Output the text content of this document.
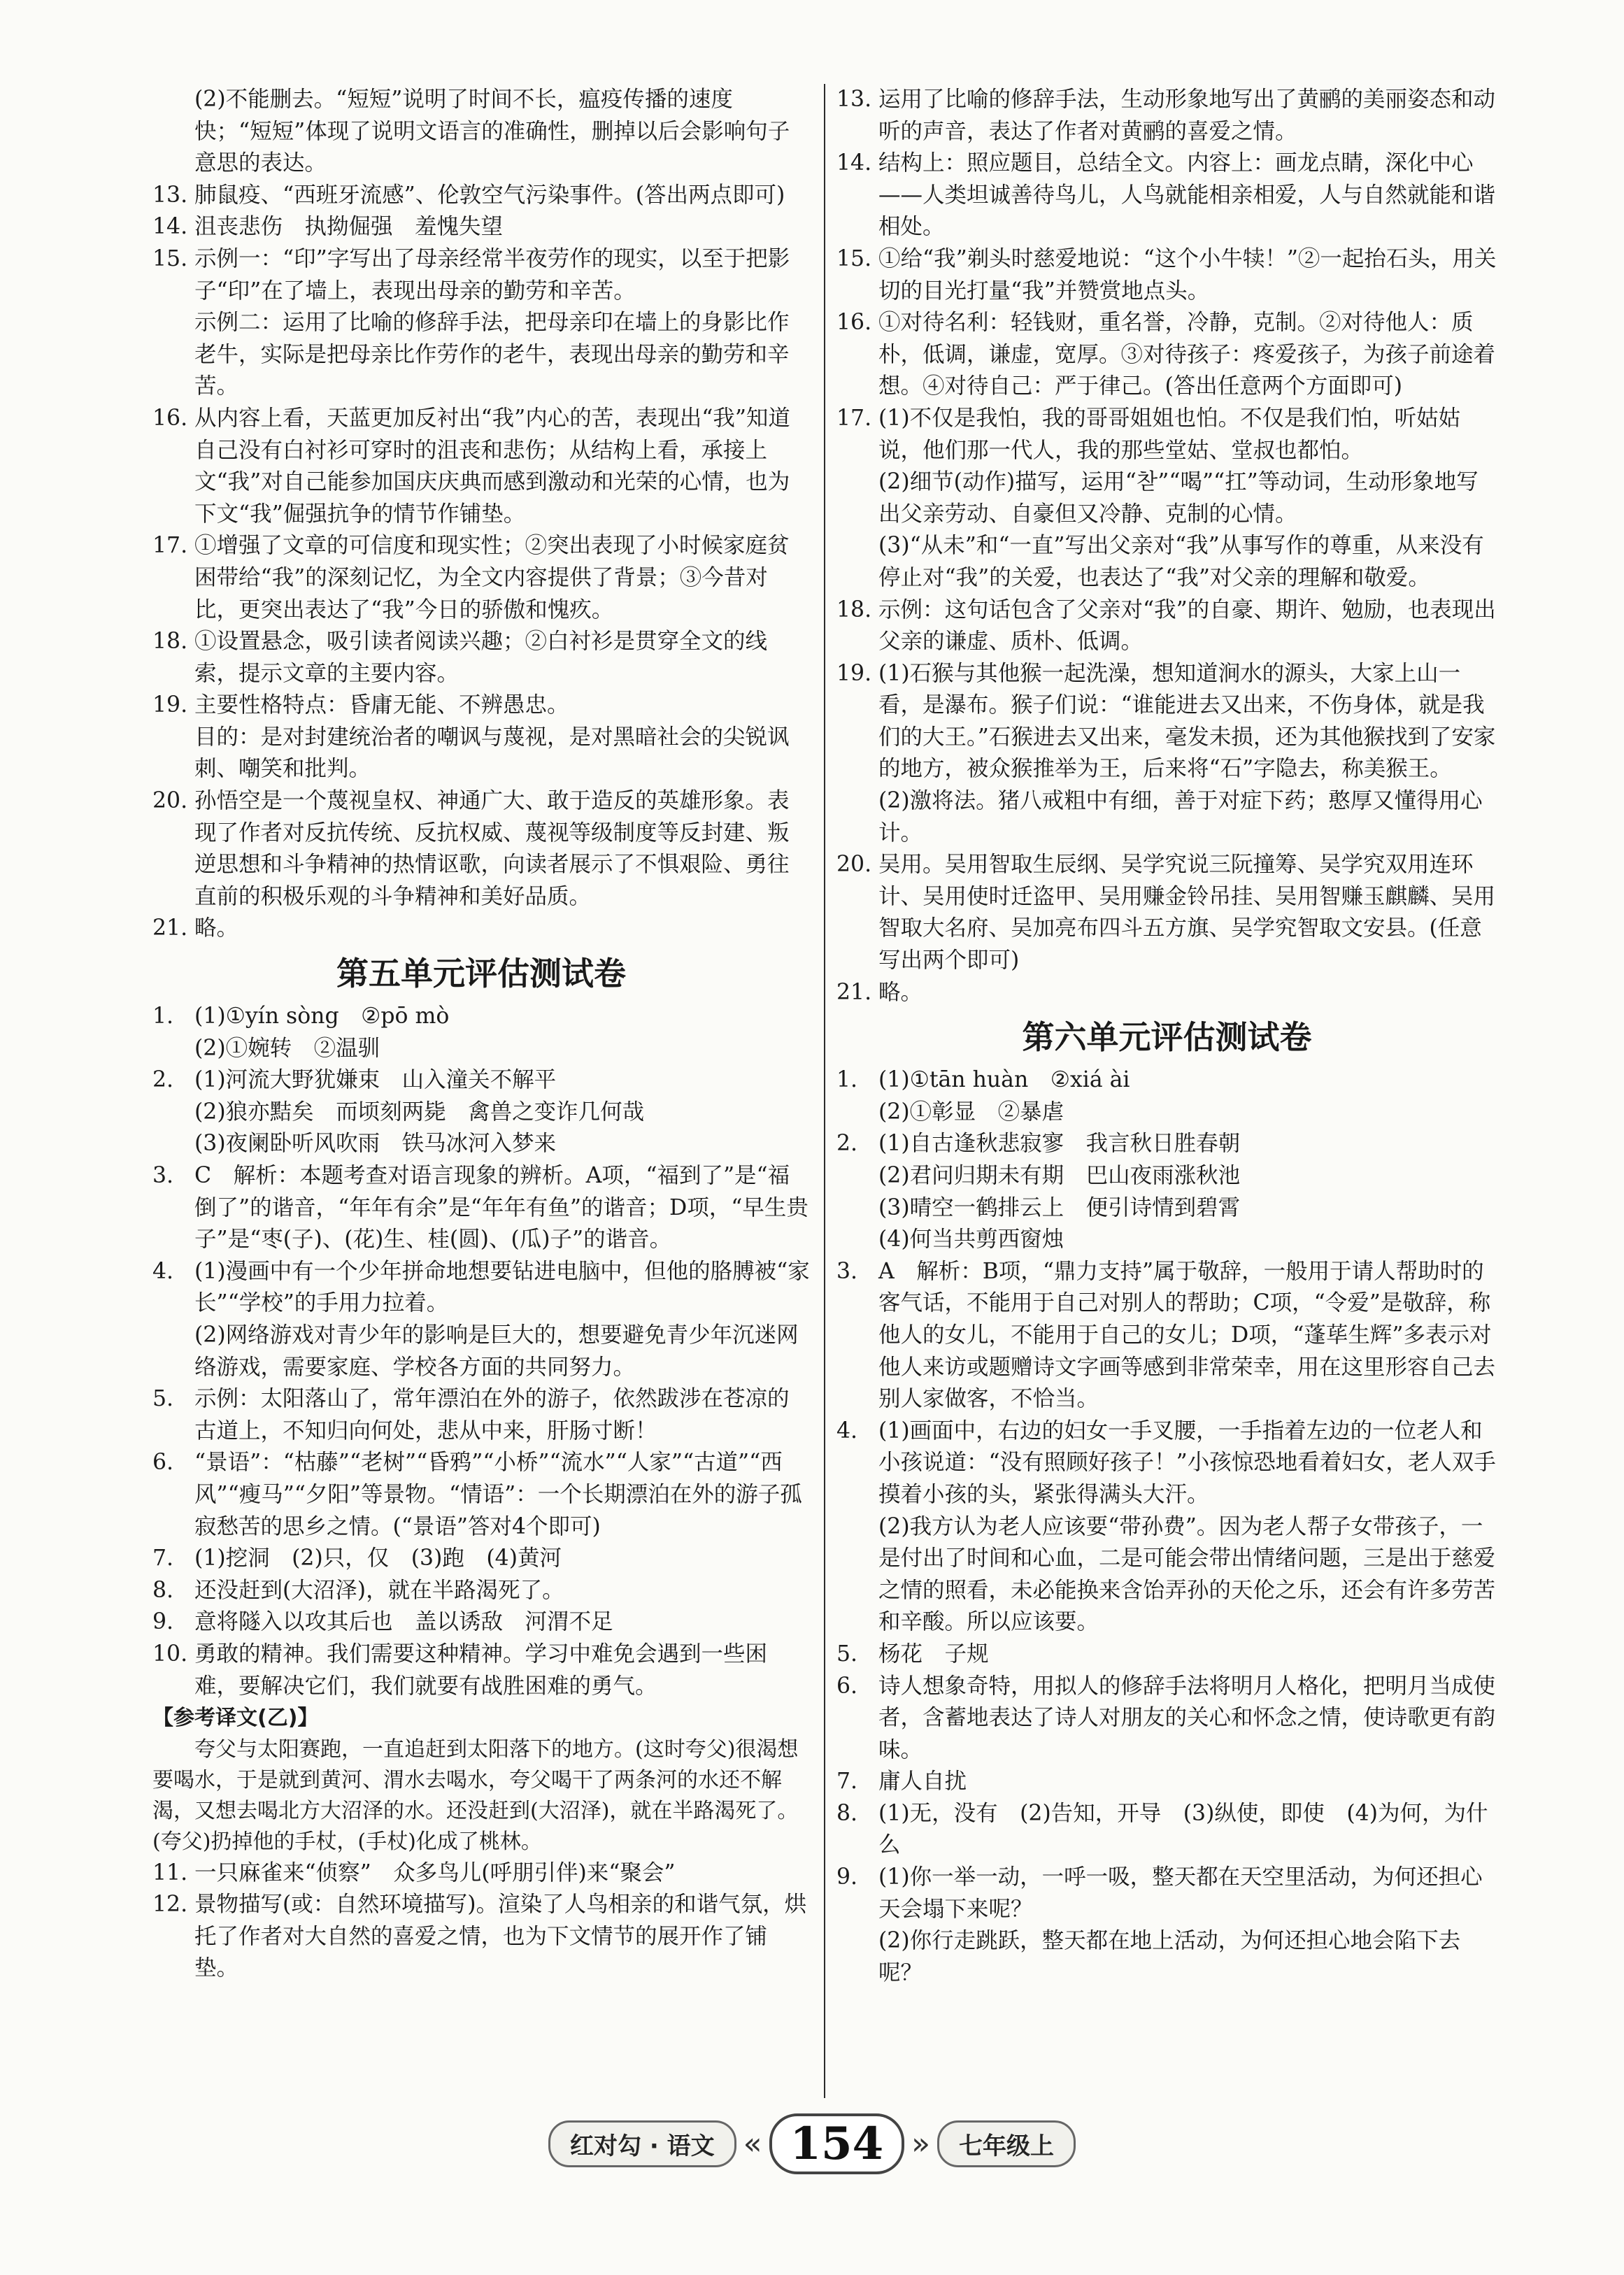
(2)不能删去。“短短”说明了时间不长，瘟疫传播的速度快；“短短”体现了说明文语言的准确性，删掉以后会影响句子意思的表达。
13. 肺鼠疫、“西班牙流感”、伦敦空气污染事件。(答出两点即可)
14. 沮丧悲伤　执拗倔强　羞愧失望
15. 示例一：“印”字写出了母亲经常半夜劳作的现实，以至于把影子“印”在了墙上，表现出母亲的勤劳和辛苦。
示例二：运用了比喻的修辞手法，把母亲印在墙上的身影比作老牛，实际是把母亲比作劳作的老牛，表现出母亲的勤劳和辛苦。
16. 从内容上看，天蓝更加反衬出“我”内心的苦，表现出“我”知道自己没有白衬衫可穿时的沮丧和悲伤；从结构上看，承接上文“我”对自己能参加国庆庆典而感到激动和光荣的心情，也为下文“我”倔强抗争的情节作铺垫。
17. ①增强了文章的可信度和现实性；②突出表现了小时候家庭贫困带给“我”的深刻记忆，为全文内容提供了背景；③今昔对比，更突出表达了“我”今日的骄傲和愧疚。
18. ①设置悬念，吸引读者阅读兴趣；②白衬衫是贯穿全文的线索，提示文章的主要内容。
19. 主要性格特点：昏庸无能、不辨愚忠。
目的：是对封建统治者的嘲讽与蔑视，是对黑暗社会的尖锐讽刺、嘲笑和批判。
20. 孙悟空是一个蔑视皇权、神通广大、敢于造反的英雄形象。表现了作者对反抗传统、反抗权威、蔑视等级制度等反封建、叛逆思想和斗争精神的热情讴歌，向读者展示了不惧艰险、勇往直前的积极乐观的斗争精神和美好品质。
21. 略。
第五单元评估测试卷
1. (1)①yín sòng　②pō mò
(2)①婉转　②温驯
2. (1)河流大野犹嫌束　山入潼关不解平
(2)狼亦黠矣　而顷刻两毙　禽兽之变诈几何哉
(3)夜阑卧听风吹雨　铁马冰河入梦来
3. C　解析：本题考查对语言现象的辨析。A项，“福到了”是“福倒了”的谐音，“年年有余”是“年年有鱼”的谐音；D项，“早生贵子”是“枣(子)、(花)生、桂(圆)、(瓜)子”的谐音。
4. (1)漫画中有一个少年拼命地想要钻进电脑中，但他的胳膊被“家长”“学校”的手用力拉着。
(2)网络游戏对青少年的影响是巨大的，想要避免青少年沉迷网络游戏，需要家庭、学校各方面的共同努力。
5. 示例：太阳落山了，常年漂泊在外的游子，依然跋涉在苍凉的古道上，不知归向何处，悲从中来，肝肠寸断！
6. “景语”：“枯藤”“老树”“昏鸦”“小桥”“流水”“人家”“古道”“西风”“瘦马”“夕阳”等景物。“情语”：一个长期漂泊在外的游子孤寂愁苦的思乡之情。(“景语”答对4个即可)
7. (1)挖洞　(2)只，仅　(3)跑　(4)黄河
8. 还没赶到(大沼泽)，就在半路渴死了。
9. 意将隧入以攻其后也　盖以诱敌　河渭不足
10. 勇敢的精神。我们需要这种精神。学习中难免会遇到一些困难，要解决它们，我们就要有战胜困难的勇气。
【参考译文(乙)】
夸父与太阳赛跑，一直追赶到太阳落下的地方。(这时夸父)很渴想要喝水，于是就到黄河、渭水去喝水，夸父喝干了两条河的水还不解渴，又想去喝北方大沼泽的水。还没赶到(大沼泽)，就在半路渴死了。(夸父)扔掉他的手杖，(手杖)化成了桃林。
11. 一只麻雀来“侦察”　众多鸟儿(呼朋引伴)来“聚会”
12. 景物描写(或：自然环境描写)。渲染了人鸟相亲的和谐气氛，烘托了作者对大自然的喜爱之情，也为下文情节的展开作了铺垫。
13. 运用了比喻的修辞手法，生动形象地写出了黄鹂的美丽姿态和动听的声音，表达了作者对黄鹂的喜爱之情。
14. 结构上：照应题目，总结全文。内容上：画龙点睛，深化中心——人类坦诚善待鸟儿，人鸟就能相亲相爱，人与自然就能和谐相处。
15. ①给“我”剃头时慈爱地说：“这个小牛犊！”②一起抬石头，用关切的目光打量“我”并赞赏地点头。
16. ①对待名利：轻钱财，重名誉，冷静，克制。②对待他人：质朴，低调，谦虚，宽厚。③对待孩子：疼爱孩子，为孩子前途着想。④对待自己：严于律己。(答出任意两个方面即可)
17. (1)不仅是我怕，我的哥哥姐姐也怕。不仅是我们怕，听姑姑说，他们那一代人，我的那些堂姑、堂叔也都怕。
(2)细节(动作)描写，运用“찯”“喝”“扛”等动词，生动形象地写出父亲劳动、自豪但又冷静、克制的心情。
(3)“从未”和“一直”写出父亲对“我”从事写作的尊重，从来没有停止对“我”的关爱，也表达了“我”对父亲的理解和敬爱。
18. 示例：这句话包含了父亲对“我”的自豪、期许、勉励，也表现出父亲的谦虚、质朴、低调。
19. (1)石猴与其他猴一起洗澡，想知道涧水的源头，大家上山一看，是瀑布。猴子们说：“谁能进去又出来，不伤身体，就是我们的大王。”石猴进去又出来，毫发未损，还为其他猴找到了安家的地方，被众猴推举为王，后来将“石”字隐去，称美猴王。
(2)激将法。猪八戒粗中有细，善于对症下药；憨厚又懂得用心计。
20. 吴用。吴用智取生辰纲、吴学究说三阮撞筹、吴学究双用连环计、吴用使时迁盗甲、吴用赚金铃吊挂、吴用智赚玉麒麟、吴用智取大名府、吴加亮布四斗五方旗、吴学究智取文安县。(任意写出两个即可)
21. 略。
第六单元评估测试卷
1. (1)①tān huàn　②xiá ài
(2)①彰显　②暴虐
2. (1)自古逢秋悲寂寥　我言秋日胜春朝
(2)君问归期未有期　巴山夜雨涨秋池
(3)晴空一鹤排云上　便引诗情到碧霄
(4)何当共剪西窗烛
3. A　解析：B项，“鼎力支持”属于敬辞，一般用于请人帮助时的客气话，不能用于自己对别人的帮助；C项，“令爱”是敬辞，称他人的女儿，不能用于自己的女儿；D项，“蓬荜生辉”多表示对他人来访或题赠诗文字画等感到非常荣幸，用在这里形容自己去别人家做客，不恰当。
4. (1)画面中，右边的妇女一手叉腰，一手指着左边的一位老人和小孩说道：“没有照顾好孩子！”小孩惊恐地看着妇女，老人双手摸着小孩的头，紧张得满头大汗。
(2)我方认为老人应该要“带孙费”。因为老人帮子女带孩子，一是付出了时间和心血，二是可能会带出情绪问题，三是出于慈爱之情的照看，未必能换来含饴弄孙的天伦之乐，还会有许多劳苦和辛酸。所以应该要。
5. 杨花　子规
6. 诗人想象奇特，用拟人的修辞手法将明月人格化，把明月当成使者，含蓄地表达了诗人对朋友的关心和怀念之情，使诗歌更有韵味。
7. 庸人自扰
8. (1)无，没有　(2)告知，开导　(3)纵使，即使　(4)为何，为什么
9. (1)你一举一动，一呼一吸，整天都在天空里活动，为何还担心天会塌下来呢？
(2)你行走跳跃，整天都在地上活动，为何还担心地会陷下去呢？
红对勾 · 语文 « 154 »	七年级上
